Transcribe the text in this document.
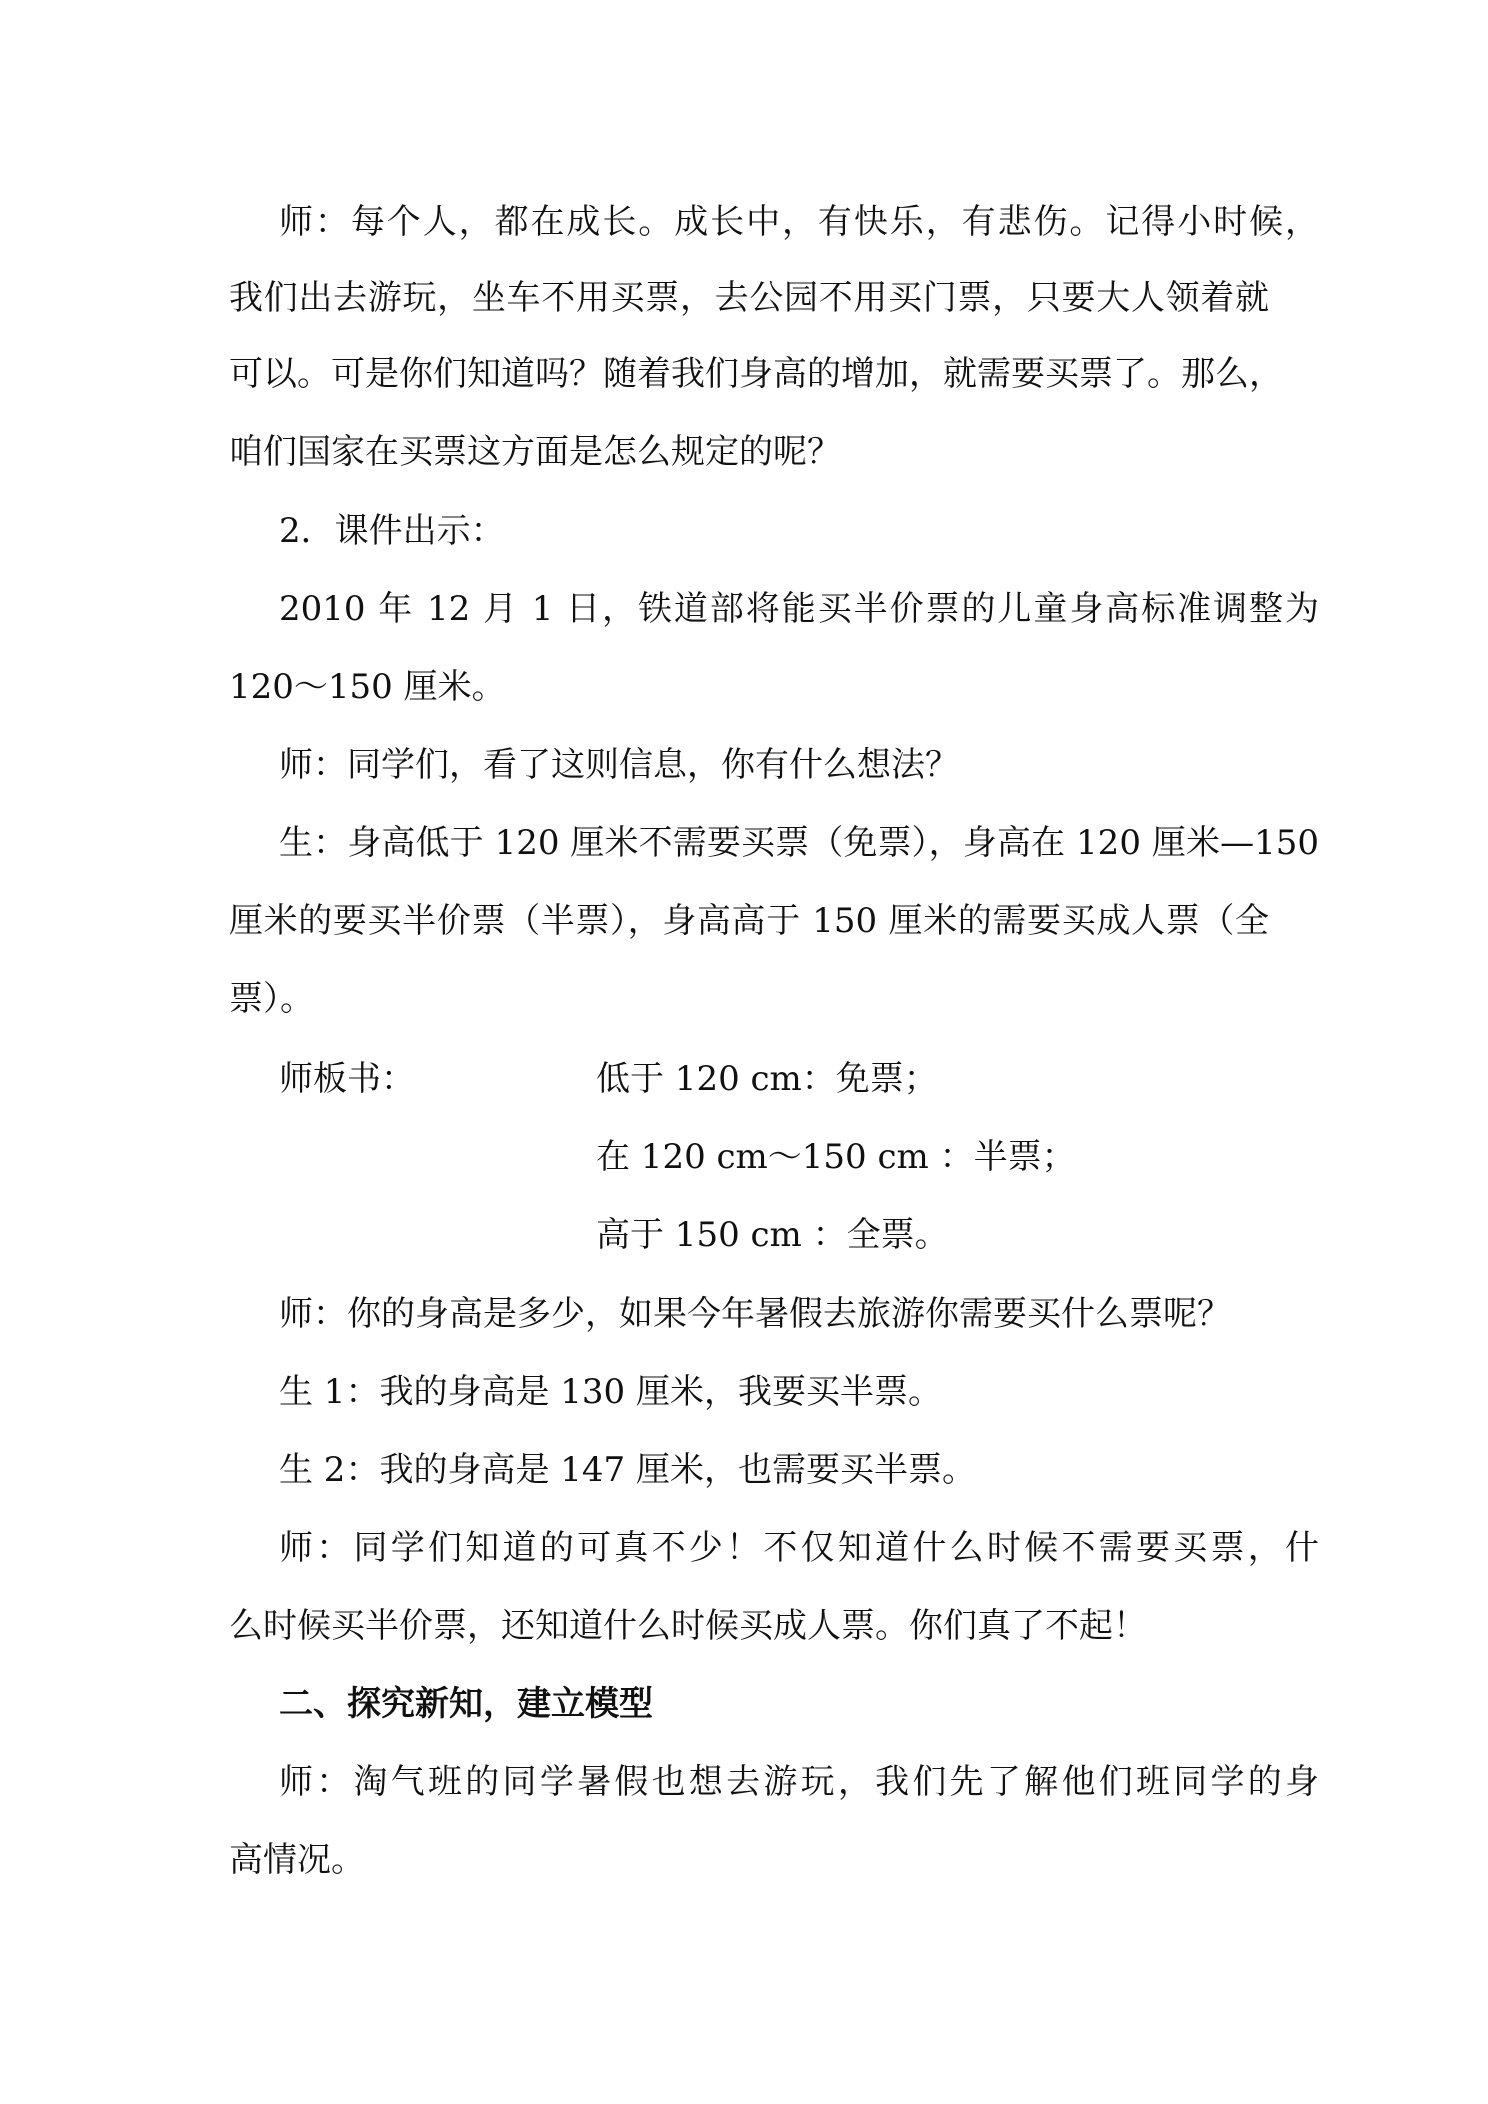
师：每个人，都在成长。成长中，有快乐，有悲伤。记得小时候，
我们出去游玩，坐车不用买票，去公园不用买门票，只要大人领着就
可以。可是你们知道吗？随着我们身高的增加，就需要买票了。那么，
咱们国家在买票这方面是怎么规定的呢？
2．课件出示：
2010 年 12 月 1 日，铁道部将能买半价票的儿童身高标准调整为
120～150 厘米。
师：同学们，看了这则信息，你有什么想法？
生：身高低于 120 厘米不需要买票（免票），身高在 120 厘米—150
厘米的要买半价票（半票），身高高于 150 厘米的需要买成人票（全
票）。
师板书：	低于 120 cm：免票；
在 120 cm～150 cm ：半票；
高于 150 cm ：全票。
师：你的身高是多少，如果今年暑假去旅游你需要买什么票呢？
生 1：我的身高是 130 厘米，我要买半票。
生 2：我的身高是 147 厘米，也需要买半票。
师：同学们知道的可真不少！不仅知道什么时候不需要买票，什
么时候买半价票，还知道什么时候买成人票。你们真了不起！
二、探究新知，建立模型
师：淘气班的同学暑假也想去游玩，我们先了解他们班同学的身
高情况。
